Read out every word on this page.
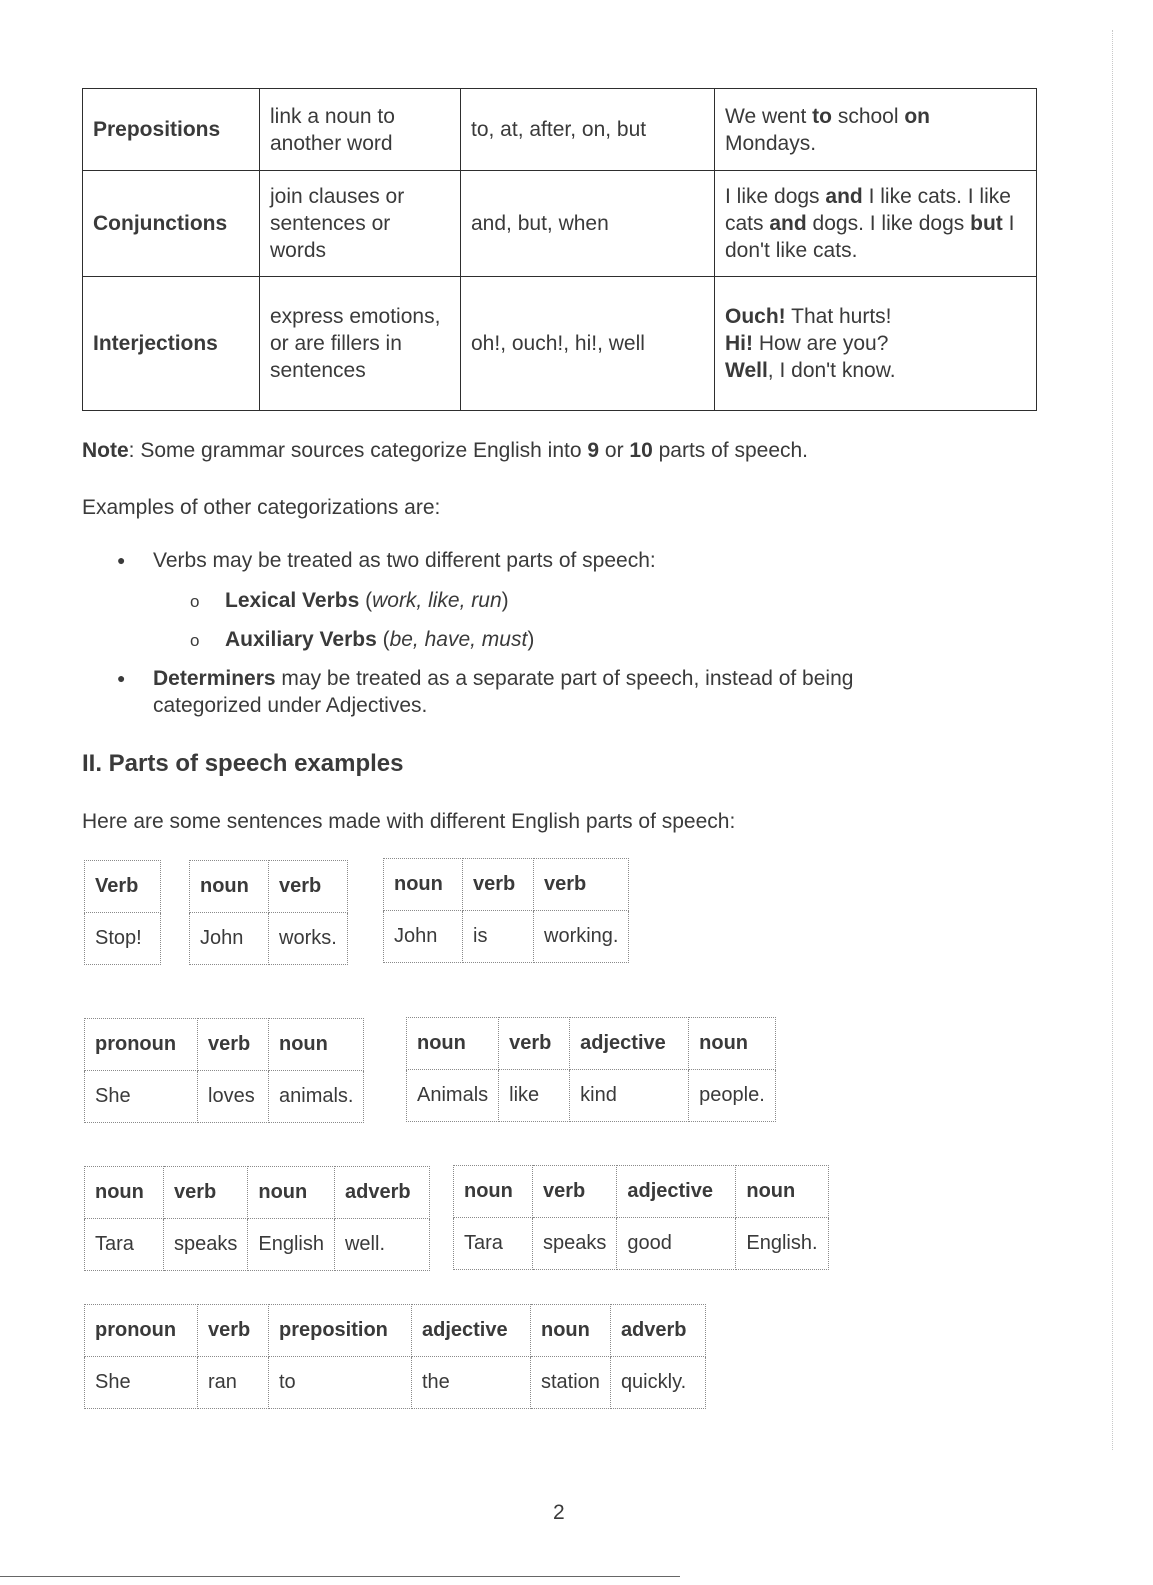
Prepositions	link a noun to another word	to, at, after, on, but	We went to school on Mondays.
Conjunctions	join clauses or sentences or words	and, but, when	I like dogs and I like cats. I like cats and dogs. I like dogs but I don't like cats.
Interjections	express emotions, or are fillers in sentences	oh!, ouch!, hi!, well	Ouch! That hurts!
Hi! How are you?
Well, I don't know.
Note: Some grammar sources categorize English into 9 or 10 parts of speech.
Examples of other categorizations are:
● Verbs may be treated as two different parts of speech:
o Lexical Verbs (work, like, run)
o Auxiliary Verbs (be, have, must)
● Determiners may be treated as a separate part of speech, instead of being
categorized under Adjectives.
II. Parts of speech examples
Here are some sentences made with different English parts of speech:
Verb
Stop!
noun	verb
John	works.
noun	verb	verb
John	is	working.
pronoun	verb	noun
She	loves	animals.
noun	verb	adjective	noun
Animals	like	kind	people.
noun	verb	noun	adverb
Tara	speaks	English	well.
noun	verb	adjective	noun
Tara	speaks	good	English.
pronoun	verb	preposition	adjective	noun	adverb
She	ran	to	the	station	quickly.
2
